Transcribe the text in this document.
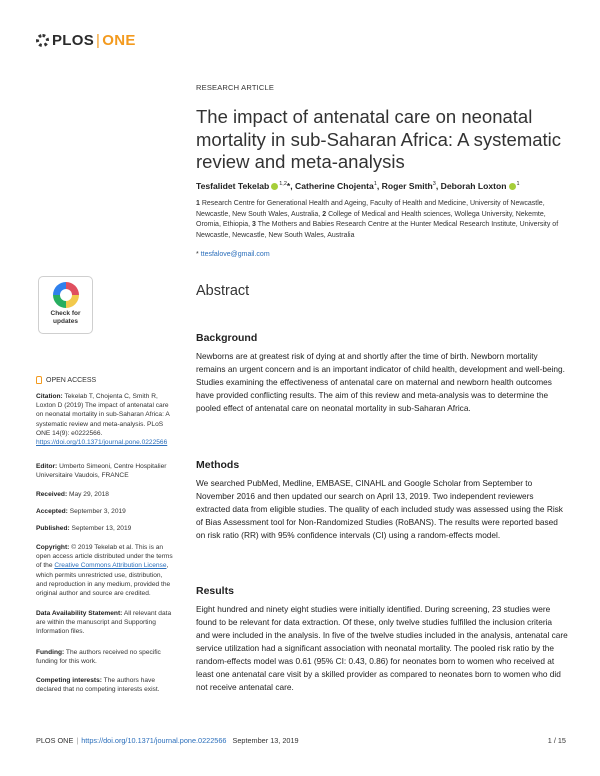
PLOS | ONE
RESEARCH ARTICLE
The impact of antenatal care on neonatal mortality in sub-Saharan Africa: A systematic review and meta-analysis
Tesfalidet Tekelab $^{1,2}$*, Catherine Chojenta$^1$, Roger Smith$^3$, Deborah Loxton $^1$
1 Research Centre for Generational Health and Ageing, Faculty of Health and Medicine, University of Newcastle, Newcastle, New South Wales, Australia, 2 College of Medical and Health sciences, Wollega University, Nekemte, Oromia, Ethiopia, 3 The Mothers and Babies Research Centre at the Hunter Medical Research Institute, University of Newcastle, Newcastle, New South Wales, Australia
* ttesfalove@gmail.com
Abstract
Background

Newborns are at greatest risk of dying at and shortly after the time of birth. Newborn mortality remains an urgent concern and is an important indicator of child health, development and well-being. Studies examining the effectiveness of antenatal care on maternal and newborn health outcomes have provided conflicting results. The aim of this review and meta-analysis was to determine the pooled effect of antenatal care on neonatal mortality in sub-Saharan Africa.

Methods

We searched PubMed, Medline, EMBASE, CINAHL and Google Scholar from September to November 2016 and then updated our search on April 13, 2019. Two independent reviewers extracted data from eligible studies. The quality of each included study was assessed using the Risk of Bias Assessment tool for Non-Randomized Studies (RoBANS). The results were reported based on risk ratio (RR) with 95% confidence intervals (CI) using a random-effects model.

Results

Eight hundred and ninety eight studies were initially identified. During screening, 23 studies were found to be relevant for data extraction. Of these, only twelve studies fulfilled the inclusion criteria and were included in the analysis. In five of the twelve studies included in the analysis, antenatal care service utilization had a significant association with neonatal mortality. The pooled risk ratio by the random-effects model was 0.61 (95% CI: 0.43, 0.86) for neonates born to women who received at least one antenatal care visit by a skilled provider as compared to neonates born to women who did not receive antenatal care.

Check for
updates
OPEN ACCESS
Citation: Tekelab T, Chojenta C, Smith R, Loxton D (2019) The impact of antenatal care on neonatal mortality in sub-Saharan Africa: A systematic review and meta-analysis. PLoS ONE 14(9): e0222566. https://doi.org/10.1371/journal.pone.0222566
Editor: Umberto Simeoni, Centre Hospitalier Universitaire Vaudois, FRANCE
Received: May 29, 2018
Accepted: September 3, 2019
Published: September 13, 2019
Copyright: © 2019 Tekelab et al. This is an open access article distributed under the terms of the Creative Commons Attribution License, which permits unrestricted use, distribution, and reproduction in any medium, provided the original author and source are credited.
Data Availability Statement: All relevant data are within the manuscript and Supporting Information files.
Funding: The authors received no specific funding for this work.
Competing interests: The authors have declared that no competing interests exist.
PLOS ONE | https://doi.org/10.1371/journal.pone.0222566 September 13, 2019	1 / 15
